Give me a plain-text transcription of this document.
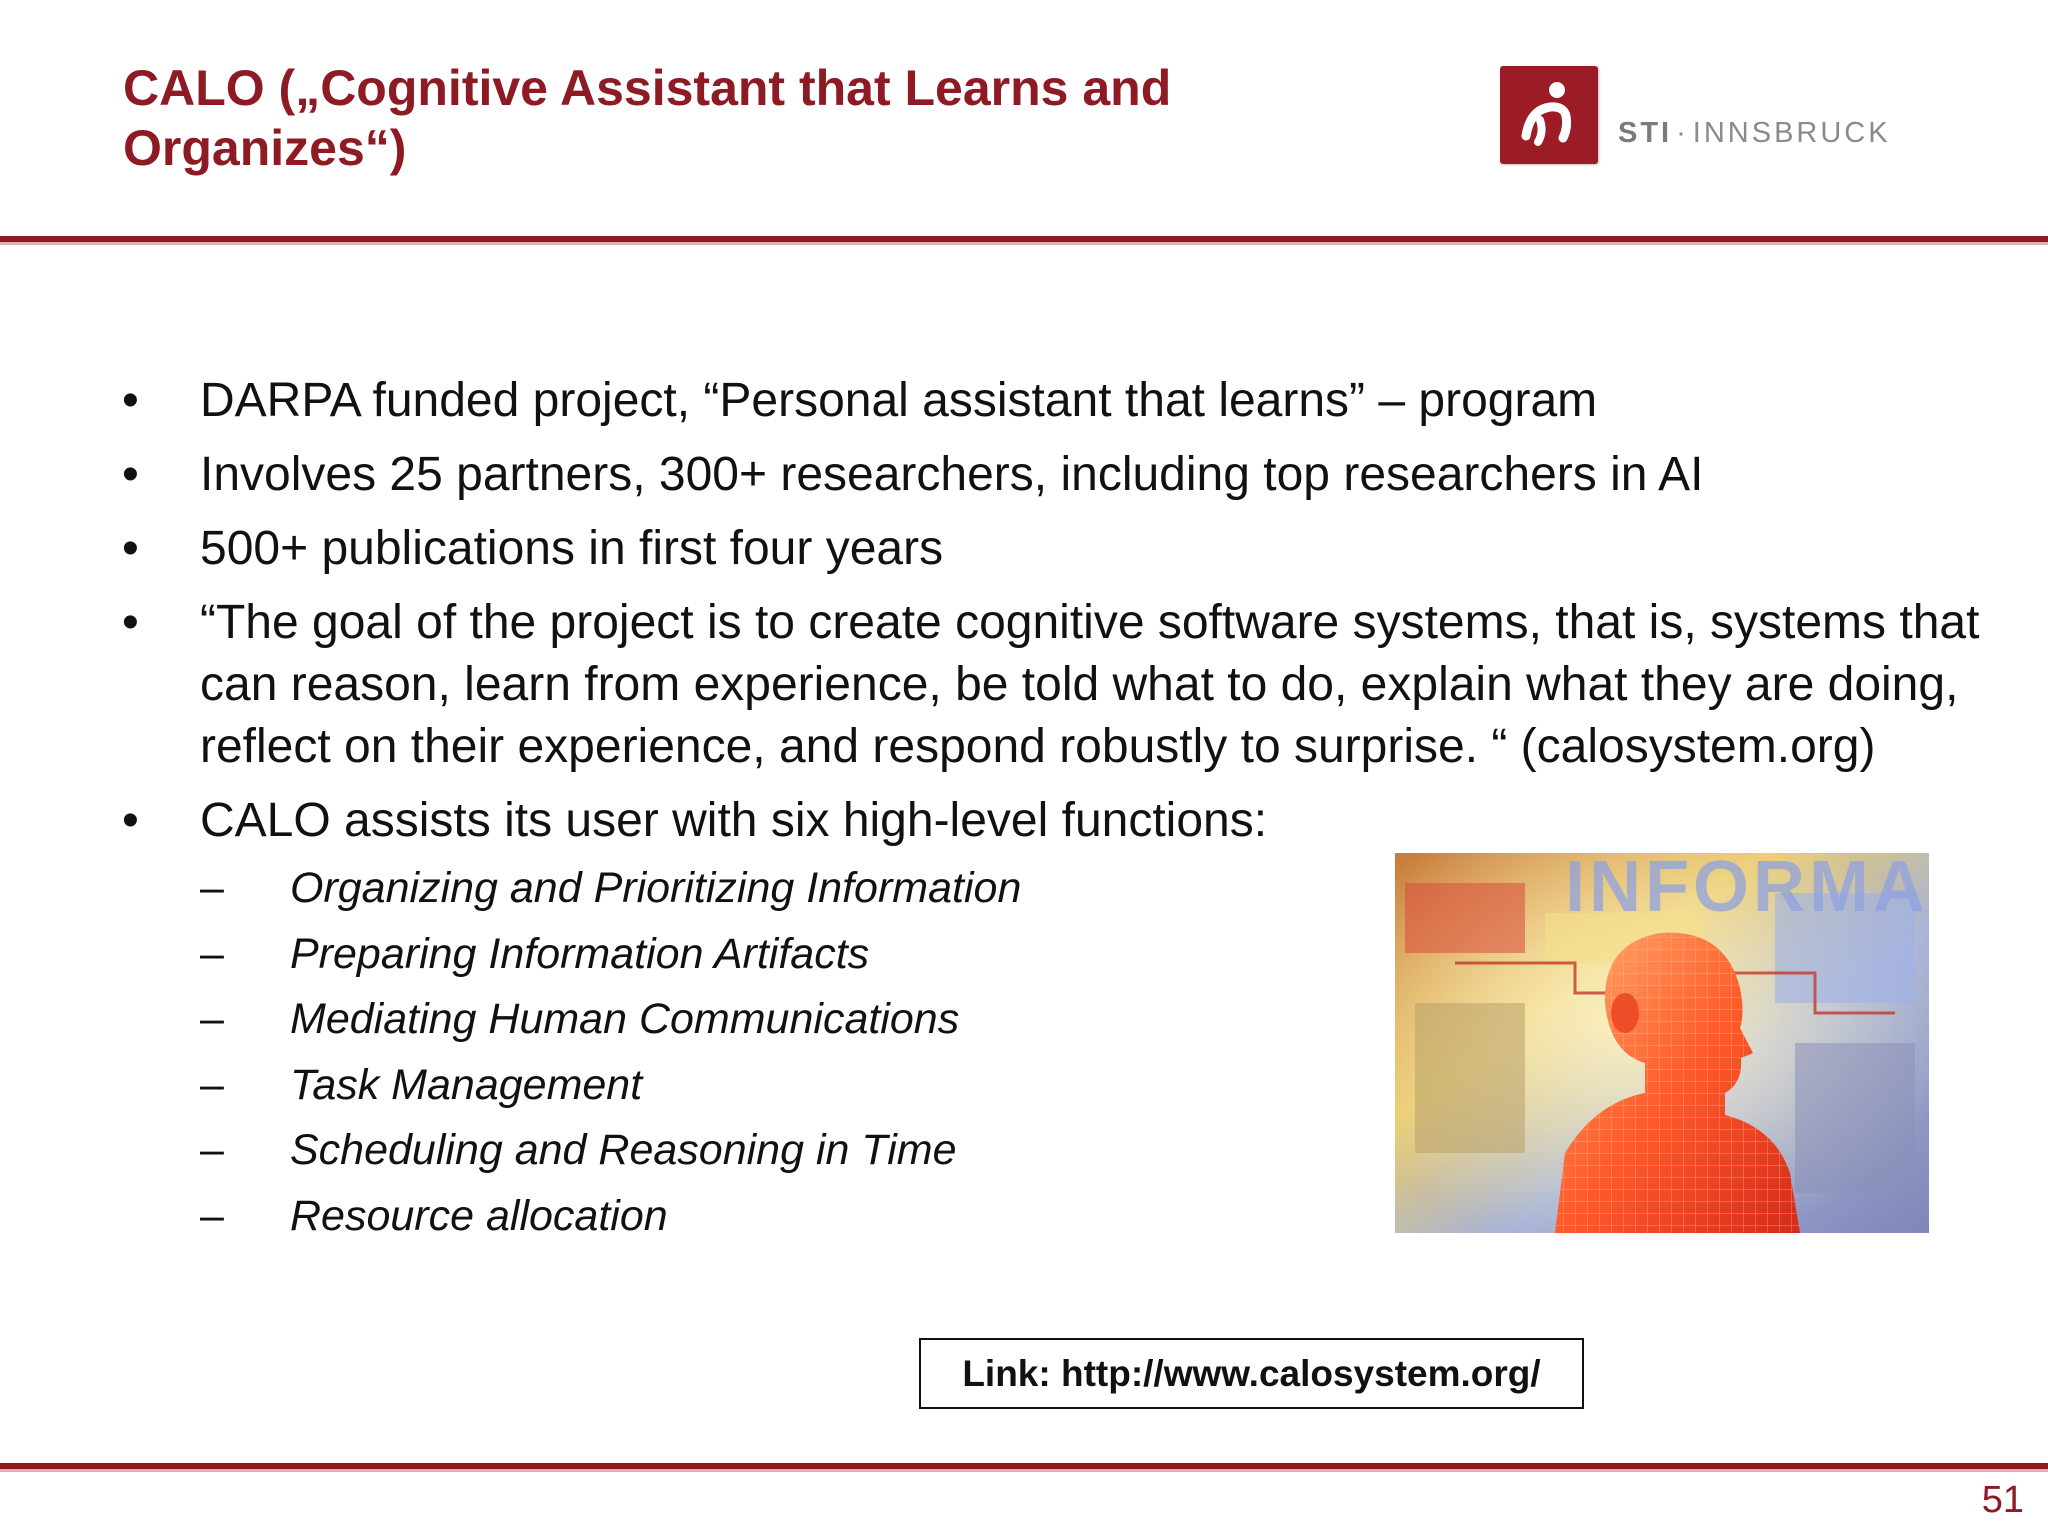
CALO („Cognitive Assistant that Learns and
Organizes“)	STI · INNSBRUCK
• DARPA funded project, “Personal assistant that learns” – program
• Involves 25 partners, 300+ researchers, including top researchers in AI
• 500+ publications in first four years
• “The goal of the project is to create cognitive software systems, that is, systems that can reason, learn from experience, be told what to do, explain what they are doing, reflect on their experience, and respond robustly to surprise. “ (calosystem.org)
• CALO assists its user with six high-level functions:
– Organizing and Prioritizing Information
– Preparing Information Artifacts
– Mediating Human Communications
– Task Management
– Scheduling and Reasoning in Time
– Resource allocation
INFORMA
Link: http://www.calosystem.org/
51
